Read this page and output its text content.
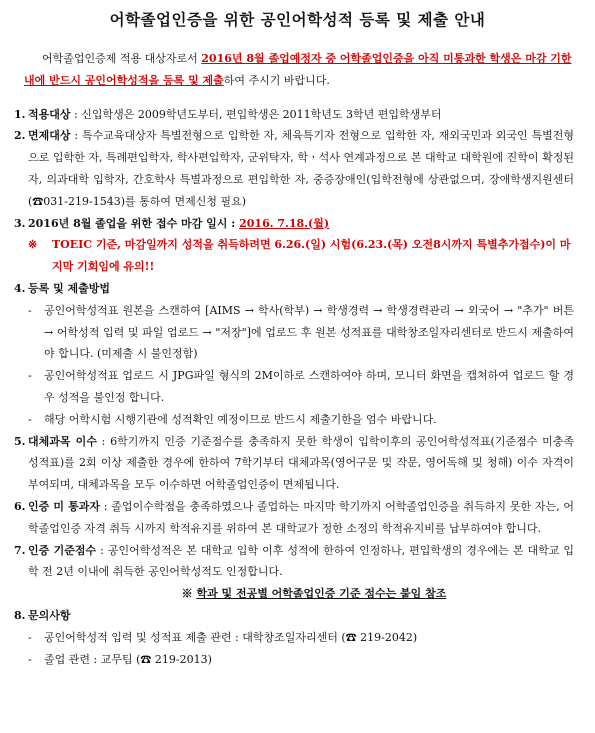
어학졸업인증을 위한 공인어학성적 등록 및 제출 안내

어학졸업인증제 적용 대상자로서 2016년 8월 졸업예정자 중 어학졸업인증을 아직 미통과한 학생은 마감 기한 내에 반드시 공인어학성적을 등록 및 제출하여 주시기 바랍니다.

1. 적용대상 : 신입학생은 2009학년도부터, 편입학생은 2011학년도 3학년 편입학생부터

2. 면제대상 : 특수교육대상자 특별전형으로 입학한 자, 체육특기자 전형으로 입학한 자, 재외국민과 외국인 특별전형으로 입학한 자, 특례편입학자, 학사편입학자, 군위탁자, 학ㆍ석사 연계과정으로 본 대학교 대학원에 진학이 확정된 자, 의과대학 입학자, 간호학사 특별과정으로 편입학한 자, 중증장애인(입학전형에 상관없으며, 장애학생지원센터(☎031-219-1543)를 통하여 면제신청 필요)

3. 2016년 8월 졸업을 위한 접수 마감 일시 : 2016. 7.18.(월)

※ TOEIC 기준, 마감일까지 성적을 취득하려면 6.26.(일) 시험(6.23.(목) 오전8시까지 특별추가접수)이 마지막 기회임에 유의!!

4. 등록 및 제출방법

- 공인어학성적표 원본을 스캔하여 [AIMS → 학사(학부) → 학생경력 → 학생경력관리 → 외국어 → "추가" 버튼 → 어학성적 입력 및 파일 업로드 → "저장"]에 업로드 후 원본 성적표를 대학창조일자리센터로 반드시 제출하여야 합니다. (미제출 시 불인정함)

- 공인어학성적표 업로드 시 JPG파일 형식의 2M이하로 스캔하여야 하며, 모니터 화면을 캡쳐하여 업로드 할 경우 성적을 불인정 합니다.

- 해당 어학시험 시행기관에 성적확인 예정이므로 반드시 제출기한을 엄수 바랍니다.

5. 대체과목 이수 : 6학기까지 인증 기준점수를 충족하지 못한 학생이 입학이후의 공인어학성적표(기준점수 미충족 성적표)를 2회 이상 제출한 경우에 한하여 7학기부터 대체과목(영어구문 및 작문, 영어독해 및 청해) 이수 자격이 부여되며, 대체과목을 모두 이수하면 어학졸업인증이 면제됩니다.

6. 인증 미 통과자 : 졸업이수학점을 충족하였으나 졸업하는 마지막 학기까지 어학졸업인증을 취득하지 못한 자는, 어학졸업인증 자격 취득 시까지 학적유지를 위하여 본 대학교가 정한 소정의 학적유지비를 납부하여야 합니다.

7. 인증 기준점수 : 공인어학성적은 본 대학교 입학 이후 성적에 한하여 인정하나, 편입학생의 경우에는 본 대학교 입학 전 2년 이내에 취득한 공인어학성적도 인정합니다.

※ 학과 및 전공별 어학졸업인증 기준 점수는 붙임 참조

8. 문의사항

- 공인어학성적 입력 및 성적표 제출 관련 : 대학창조일자리센터 (☎ 219-2042)

- 졸업 관련 : 교무팀 (☎ 219-2013)
